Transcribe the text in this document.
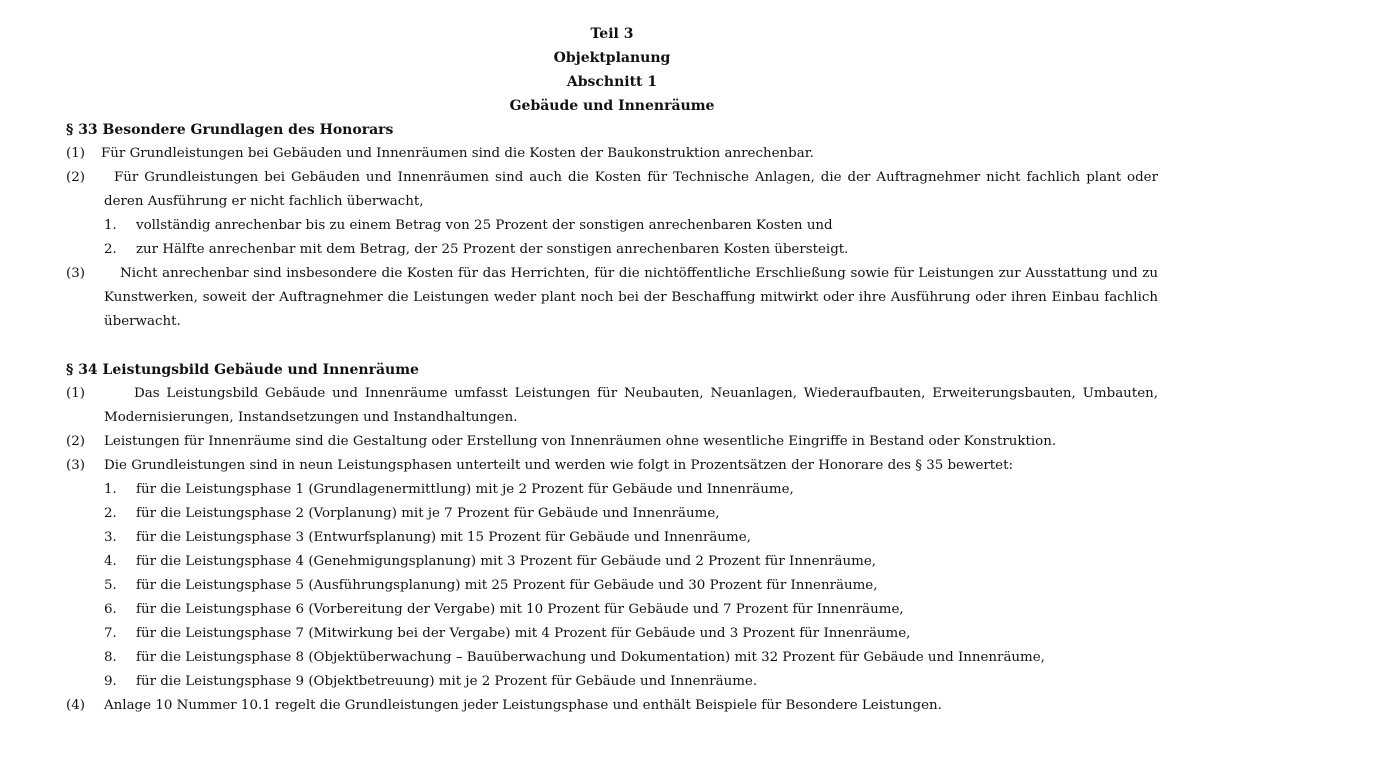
Teil 3
Objektplanung
Abschnitt 1
Gebäude und Innenräume
§ 33 Besondere Grundlagen des Honorars
(1) Für Grundleistungen bei Gebäuden und Innenräumen sind die Kosten der Baukonstruktion anrechenbar.
(2)	Für Grundleistungen bei Gebäuden und Innenräumen sind auch die Kosten für Technische Anlagen, die der Auftragnehmer nicht fachlich plant oder deren Ausführung er nicht fachlich überwacht,
1. vollständig anrechenbar bis zu einem Betrag von 25 Prozent der sonstigen anrechenbaren Kosten und
2. zur Hälfte anrechenbar mit dem Betrag, der 25 Prozent der sonstigen anrechenbaren Kosten übersteigt.
(3)	Nicht anrechenbar sind insbesondere die Kosten für das Herrichten, für die nichtöffentliche Erschließung sowie für Leistungen zur Ausstattung und zu Kunstwerken, soweit der Auftragnehmer die Leistungen weder plant noch bei der Beschaffung mitwirkt oder ihre Ausführung oder ihren Einbau fachlich überwacht.
§ 34 Leistungsbild Gebäude und Innenräume
(1)	Das Leistungsbild Gebäude und Innenräume umfasst Leistungen für Neubauten, Neuanlagen, Wiederaufbauten, Erweiterungsbauten, Umbauten, Modernisierungen, Instandsetzungen und Instandhaltungen.
(2) Leistungen für Innenräume sind die Gestaltung oder Erstellung von Innenräumen ohne wesentliche Eingriffe in Bestand oder Konstruktion.
(3) Die Grundleistungen sind in neun Leistungsphasen unterteilt und werden wie folgt in Prozentsätzen der Honorare des § 35 bewertet:
1. für die Leistungsphase 1 (Grundlagenermittlung) mit je 2 Prozent für Gebäude und Innenräume,
2. für die Leistungsphase 2 (Vorplanung) mit je 7 Prozent für Gebäude und Innenräume,
3. für die Leistungsphase 3 (Entwurfsplanung) mit 15 Prozent für Gebäude und Innenräume,
4. für die Leistungsphase 4 (Genehmigungsplanung) mit 3 Prozent für Gebäude und 2 Prozent für Innenräume,
5. für die Leistungsphase 5 (Ausführungsplanung) mit 25 Prozent für Gebäude und 30 Prozent für Innenräume,
6. für die Leistungsphase 6 (Vorbereitung der Vergabe) mit 10 Prozent für Gebäude und 7 Prozent für Innenräume,
7. für die Leistungsphase 7 (Mitwirkung bei der Vergabe) mit 4 Prozent für Gebäude und 3 Prozent für Innenräume,
8. für die Leistungsphase 8 (Objektüberwachung – Bauüberwachung und Dokumentation) mit 32 Prozent für Gebäude und Innenräume,
9. für die Leistungsphase 9 (Objektbetreuung) mit je 2 Prozent für Gebäude und Innenräume.
(4) Anlage 10 Nummer 10.1 regelt die Grundleistungen jeder Leistungsphase und enthält Beispiele für Besondere Leistungen.
